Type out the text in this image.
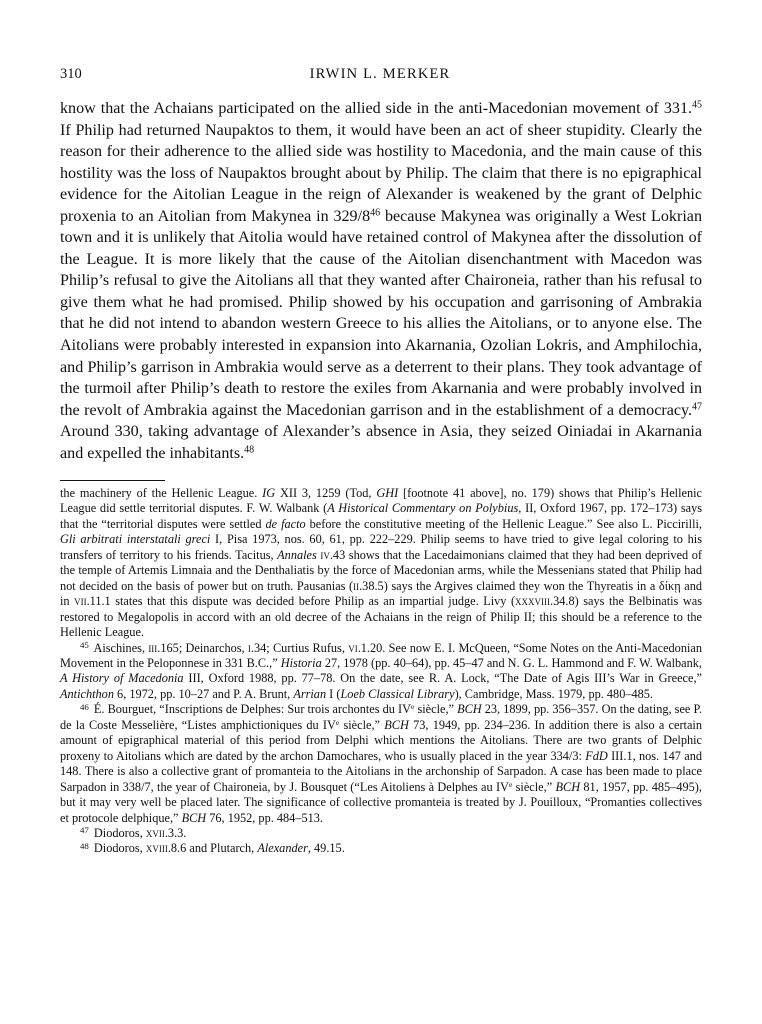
310	IRWIN L. MERKER

know that the Achaians participated on the allied side in the anti-Macedonian movement of 331.45 If Philip had returned Naupaktos to them, it would have been an act of sheer stupidity. Clearly the reason for their adherence to the allied side was hostility to Macedonia, and the main cause of this hostility was the loss of Naupaktos brought about by Philip. The claim that there is no epigraphical evidence for the Aitolian League in the reign of Alexander is weakened by the grant of Delphic proxenia to an Aitolian from Makynea in $329/8^{46}$ because Makynea was originally a West Lokrian town and it is unlikely that Aitolia would have retained control of Makynea after the dissolution of the League. It is more likely that the cause of the Aitolian disenchantment with Macedon was Philip’s refusal to give the Aitolians all that they wanted after Chaironeia, rather than his refusal to give them what he had promised. Philip showed by his occupation and garrisoning of Ambrakia that he did not intend to abandon western Greece to his allies the Aitolians, or to anyone else. The Aitolians were probably interested in expansion into Akarnania, Ozolian Lokris, and Amphilochia, and Philip’s garrison in Ambrakia would serve as a deterrent to their plans. They took advantage of the turmoil after Philip’s death to restore the exiles from Akarnania and were probably involved in the revolt of Ambrakia against the Macedonian garrison and in the establishment of a democracy.$^{47}$ Around 330, taking advantage of Alexander’s absence in Asia, they seized Oiniadai in Akarnania and expelled the inhabitants.$^{48}$

the machinery of the Hellenic League. IG XII 3, 1259 (Tod, GHI [footnote 41 above], no. 179) shows that Philip’s Hellenic League did settle territorial disputes. F. W. Walbank (A Historical Commentary on Polybius, II, Oxford 1967, pp. 172–173) says that the “territorial disputes were settled de facto before the constitutive meeting of the Hellenic League.” See also L. Piccirilli, Gli arbitrati interstatali greci I, Pisa 1973, nos. 60, 61, pp. 222–229. Philip seems to have tried to give legal coloring to his transfers of territory to his friends. Tacitus, Annales iv.43 shows that the Lacedaimonians claimed that they had been deprived of the temple of Artemis Limnaia and the Denthaliatis by the force of Macedonian arms, while the Messenians stated that Philip had not decided on the basis of power but on truth. Pausanias (ii.38.5) says the Argives claimed they won the Thyreatis in a δίκῃ and in vii.11.1 states that this dispute was decided before Philip as an impartial judge. Livy (xxxviii.34.8) says the Belbinatis was restored to Megalopolis in accord with an old decree of the Achaians in the reign of Philip II; this should be a reference to the Hellenic League.

$^{45}$ Aischines, iii.165; Deinarchos, i.34; Curtius Rufus, vi.1.20. See now E. I. McQueen, “Some Notes on the Anti-Macedonian Movement in the Peloponnese in 331 B.C.,” Historia 27, 1978 (pp. 40–64), pp. 45–47 and N. G. L. Hammond and F. W. Walbank, A History of Macedonia III, Oxford 1988, pp. 77–78. On the date, see R. A. Lock, “The Date of Agis III’s War in Greece,” Antichthon 6, 1972, pp. 10–27 and P. A. Brunt, Arrian I (Loeb Classical Library), Cambridge, Mass. 1979, pp. 480–485.

$^{46}$ É. Bourguet, “Inscriptions de Delphes: Sur trois archontes du IVe siècle,” BCH 23, 1899, pp. 356–357. On the dating, see P. de la Coste Messelière, “Listes amphictioniques du IVe siècle,” BCH 73, 1949, pp. 234–236. In addition there is also a certain amount of epigraphical material of this period from Delphi which mentions the Aitolians. There are two grants of Delphic proxeny to Aitolians which are dated by the archon Damochares, who is usually placed in the year 334/3: FdD III.1, nos. 147 and 148. There is also a collective grant of promanteia to the Aitolians in the archonship of Sarpadon. A case has been made to place Sarpadon in 338/7, the year of Chaironeia, by J. Bousquet (“Les Aitoliens à Delphes au IVe siècle,” BCH 81, 1957, pp. 485–495), but it may very well be placed later. The significance of collective promanteia is treated by J. Pouilloux, “Promanties collectives et protocole delphique,” BCH 76, 1952, pp. 484–513.

$^{47}$ Diodoros, xvii.3.3.

$^{48}$ Diodoros, xviii.8.6 and Plutarch, Alexander, 49.15.
